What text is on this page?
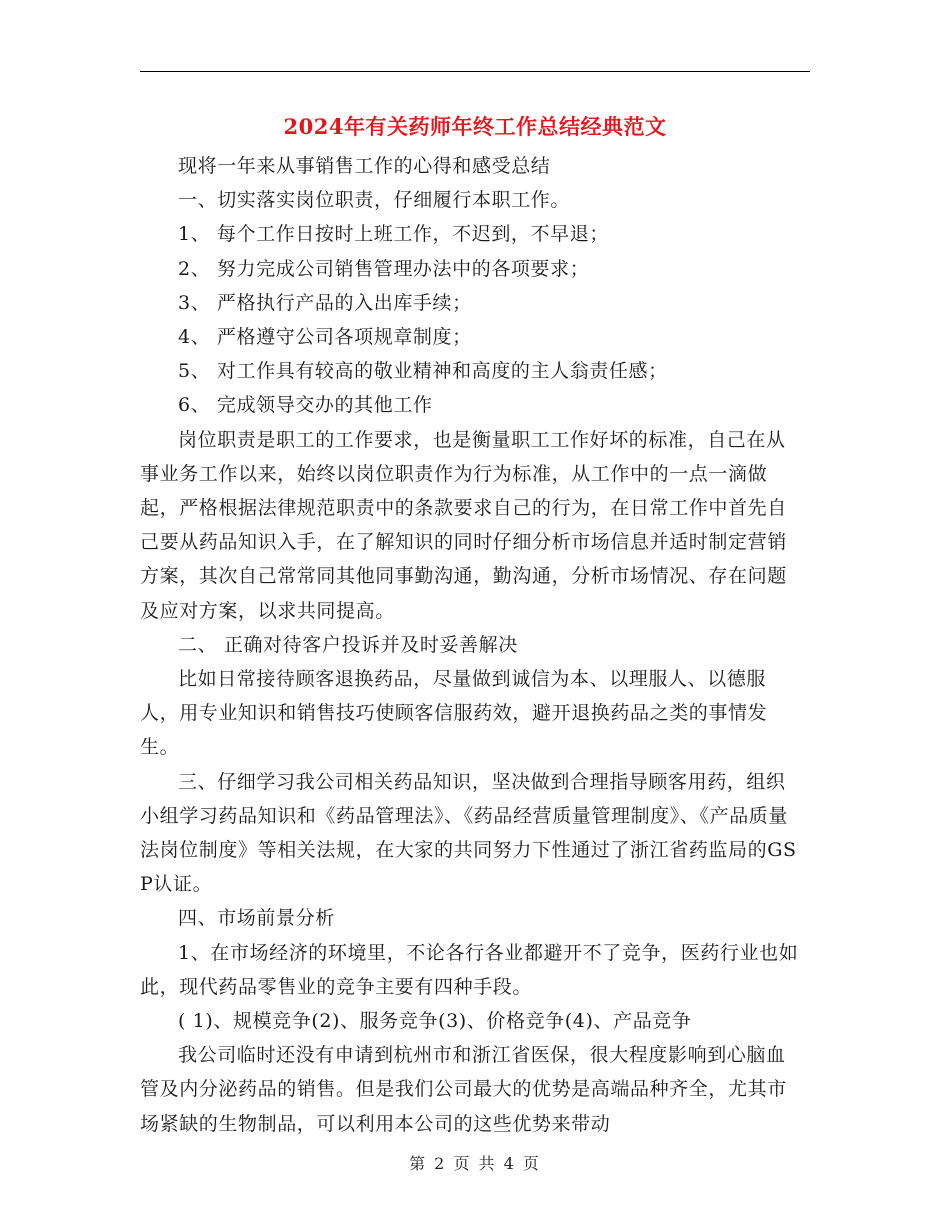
2024年有关药师年终工作总结经典范文

现将一年来从事销售工作的心得和感受总结

一、切实落实岗位职责，仔细履行本职工作。

1、 每个工作日按时上班工作，不迟到，不早退；

2、 努力完成公司销售管理办法中的各项要求；

3、 严格执行产品的入出库手续；

4、 严格遵守公司各项规章制度；

5、 对工作具有较高的敬业精神和高度的主人翁责任感；

6、 完成领导交办的其他工作

岗位职责是职工的工作要求，也是衡量职工工作好坏的标准，自己在从事业务工作以来，始终以岗位职责作为行为标准，从工作中的一点一滴做起，严格根据法律规范职责中的条款要求自己的行为，在日常工作中首先自己要从药品知识入手，在了解知识的同时仔细分析市场信息并适时制定营销方案，其次自己常常同其他同事勤沟通，勤沟通，分析市场情况、存在问题及应对方案，以求共同提高。

二、 正确对待客户投诉并及时妥善解决

比如日常接待顾客退换药品，尽量做到诚信为本、以理服人、以德服人，用专业知识和销售技巧使顾客信服药效，避开退换药品之类的事情发生。

三、仔细学习我公司相关药品知识，坚决做到合理指导顾客用药，组织小组学习药品知识和《药品管理法》、《药品经营质量管理制度》、《产品质量法岗位制度》等相关法规，在大家的共同努力下性通过了浙江省药监局的GSP认证。

四、市场前景分析

1、在市场经济的环境里，不论各行各业都避开不了竞争，医药行业也如此，现代药品零售业的竞争主要有四种手段。

( 1)、规模竞争(2)、服务竞争(3)、价格竞争(4)、产品竞争

我公司临时还没有申请到杭州市和浙江省医保，很大程度影响到心脑血管及内分泌药品的销售。但是我们公司最大的优势是高端品种齐全，尤其市场紧缺的生物制品，可以利用本公司的这些优势来带动

第 2 页 共 4 页
